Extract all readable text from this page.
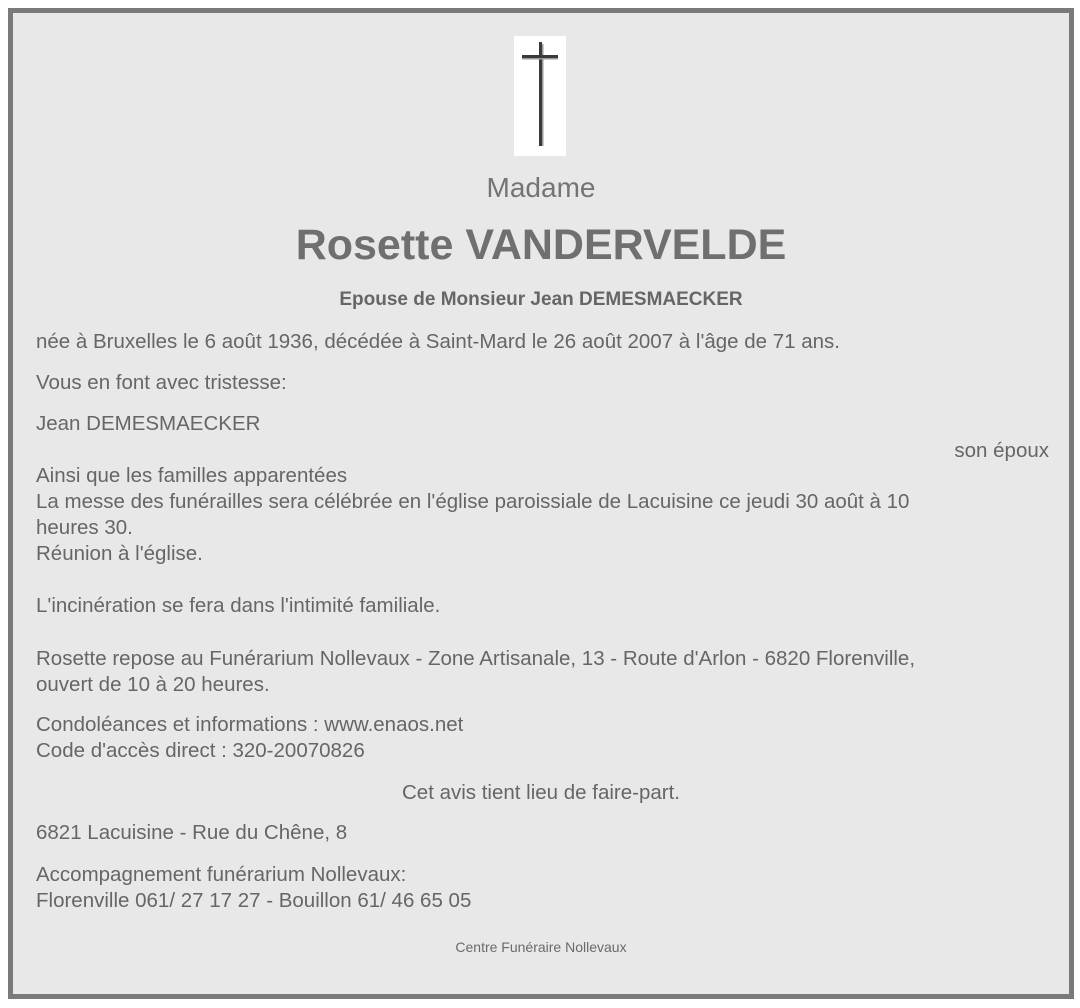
Madame
Rosette VANDERVELDE
Epouse de Monsieur Jean DEMESMAECKER
née à Bruxelles le 6 août 1936, décédée à Saint-Mard le 26 août 2007 à l'âge de 71 ans.
Vous en font avec tristesse:
Jean DEMESMAECKER
son époux
Ainsi que les familles apparentées
La messe des funérailles sera célébrée en l'église paroissiale de Lacuisine ce jeudi 30 août à 10
heures 30.
Réunion à l'église.
L'incinération se fera dans l'intimité familiale.
Rosette repose au Funérarium Nollevaux - Zone Artisanale, 13 - Route d'Arlon - 6820 Florenville,
ouvert de 10 à 20 heures.
Condoléances et informations : www.enaos.net
Code d'accès direct : 320-20070826
Cet avis tient lieu de faire-part.
6821 Lacuisine - Rue du Chêne, 8
Accompagnement funérarium Nollevaux:
Florenville 061/ 27 17 27 - Bouillon 61/ 46 65 05
Centre Funéraire Nollevaux
